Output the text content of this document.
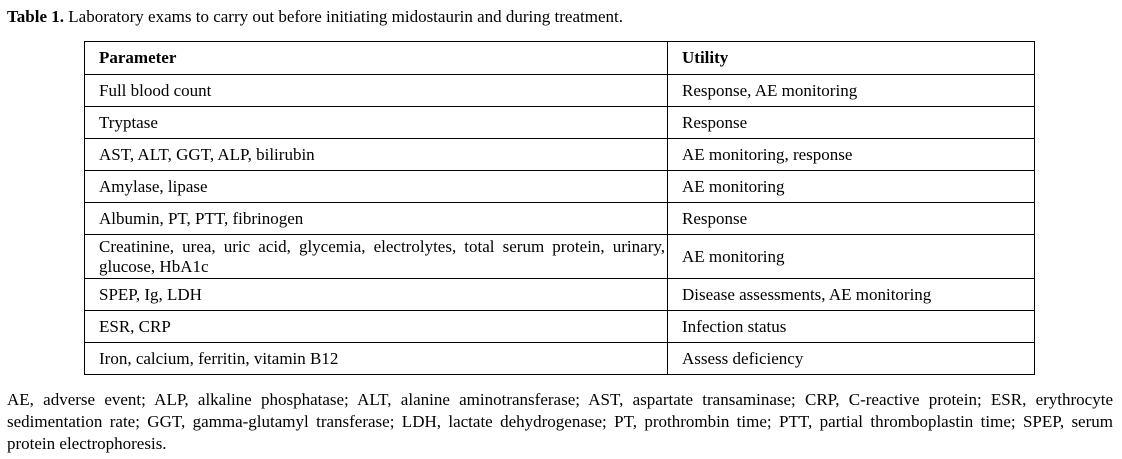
Table 1. Laboratory exams to carry out before initiating midostaurin and during treatment.
Parameter	Utility
Full blood count	Response, AE monitoring
Tryptase	Response
AST, ALT, GGT, ALP, bilirubin	AE monitoring, response
Amylase, lipase	AE monitoring
Albumin, PT, PTT, fibrinogen	Response
Creatinine, urea, uric acid, glycemia, electrolytes, total serum protein, urinary, glucose, HbA1c	AE monitoring
SPEP, Ig, LDH	Disease assessments, AE monitoring
ESR, CRP	Infection status
Iron, calcium, ferritin, vitamin B12	Assess deficiency
AE, adverse event; ALP, alkaline phosphatase; ALT, alanine aminotransferase; AST, aspartate transaminase; CRP, C-reactive protein; ESR, erythrocyte sedimentation rate; GGT, gamma-glutamyl transferase; LDH, lactate dehydrogenase; PT, prothrombin time; PTT, partial thromboplastin time; SPEP, serum protein electrophoresis.
